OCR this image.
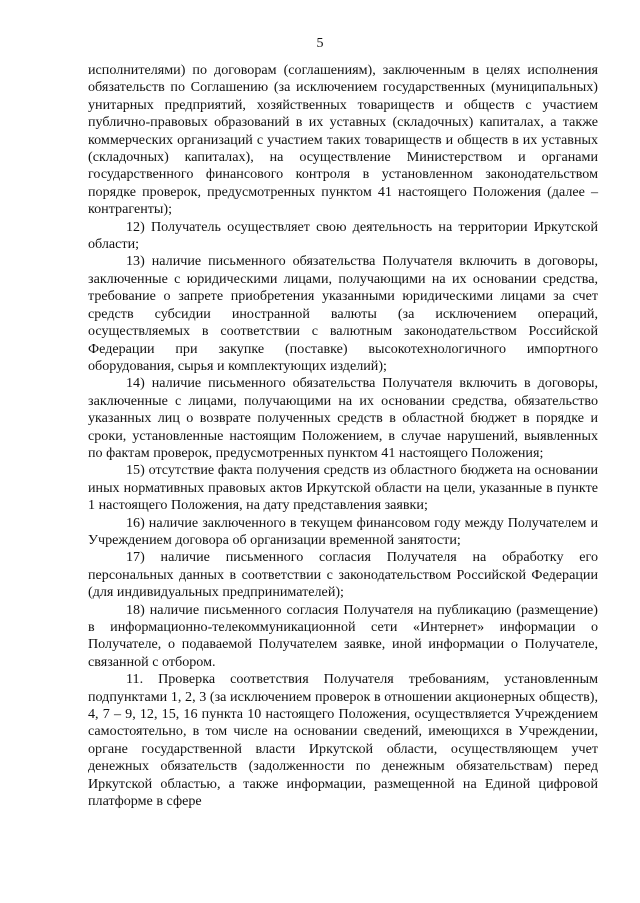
5

исполнителями) по договорам (соглашениям), заключенным в целях исполнения обязательств по Соглашению (за исключением государственных (муниципальных) унитарных предприятий, хозяйственных товариществ и обществ с участием публично-правовых образований в их уставных (складочных) капиталах, а также коммерческих организаций с участием таких товариществ и обществ в их уставных (складочных) капиталах), на осуществление Министерством и органами государственного финансового контроля в установленном законодательством порядке проверок, предусмотренных пунктом 41 настоящего Положения (далее – контрагенты);

12) Получатель осуществляет свою деятельность на территории Иркутской области;

13) наличие письменного обязательства Получателя включить в договоры, заключенные с юридическими лицами, получающими на их основании средства, требование о запрете приобретения указанными юридическими лицами за счет средств субсидии иностранной валюты (за исключением операций, осуществляемых в соответствии с валютным законодательством Российской Федерации при закупке (поставке) высокотехнологичного импортного оборудования, сырья и комплектующих изделий);

14) наличие письменного обязательства Получателя включить в договоры, заключенные с лицами, получающими на их основании средства, обязательство указанных лиц о возврате полученных средств в областной бюджет в порядке и сроки, установленные настоящим Положением, в случае нарушений, выявленных по фактам проверок, предусмотренных пунктом 41 настоящего Положения;

15) отсутствие факта получения средств из областного бюджета на основании иных нормативных правовых актов Иркутской области на цели, указанные в пункте 1 настоящего Положения, на дату представления заявки;

16) наличие заключенного в текущем финансовом году между Получателем и Учреждением договора об организации временной занятости;

17) наличие письменного согласия Получателя на обработку его персональных данных в соответствии с законодательством Российской Федерации (для индивидуальных предпринимателей);

18) наличие письменного согласия Получателя на публикацию (размещение) в информационно-телекоммуникационной сети «Интернет» информации о Получателе, о подаваемой Получателем заявке, иной информации о Получателе, связанной с отбором.

11. Проверка соответствия Получателя требованиям, установленным подпунктами 1, 2, 3 (за исключением проверок в отношении акционерных обществ), 4, 7 – 9, 12, 15, 16 пункта 10 настоящего Положения, осуществляется Учреждением самостоятельно, в том числе на основании сведений, имеющихся в Учреждении, органе государственной власти Иркутской области, осуществляющем учет денежных обязательств (задолженности по денежным обязательствам) перед Иркутской областью, а также информации, размещенной на Единой цифровой платформе в сфере
